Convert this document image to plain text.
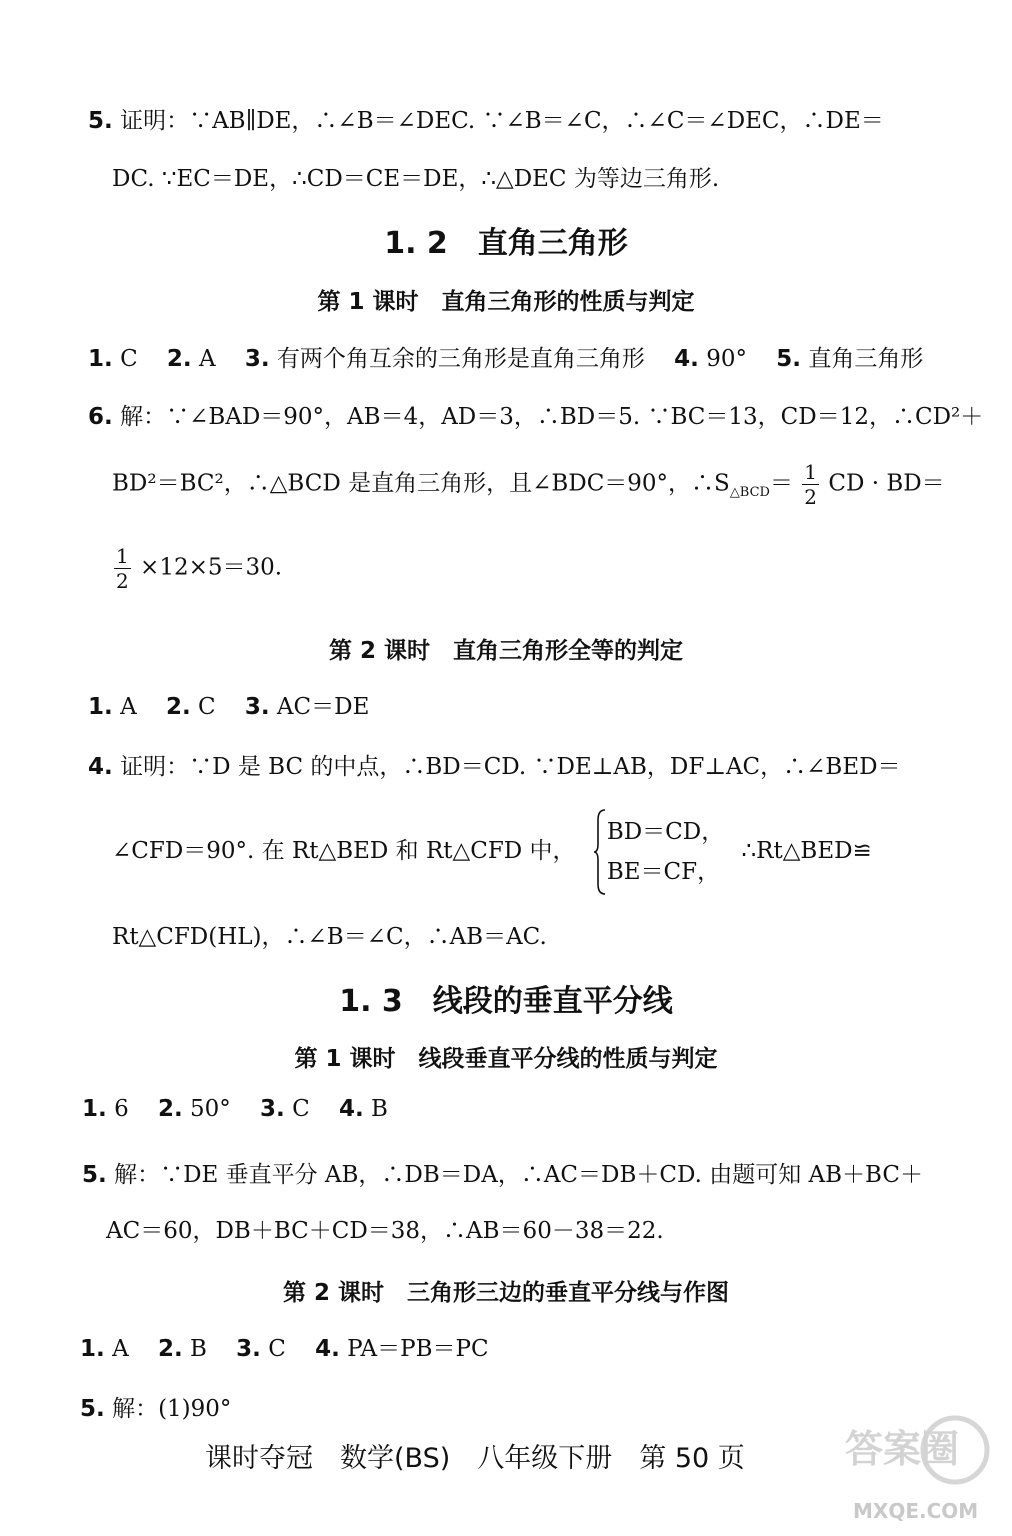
5. 证明：∵AB∥DE，∴∠B＝∠DEC. ∵∠B＝∠C，∴∠C＝∠DEC，∴DE＝
DC. ∵EC＝DE，∴CD＝CE＝DE，∴△DEC 为等边三角形.
1. 2　直角三角形
第 1 课时　直角三角形的性质与判定
1. C 2. A 3. 有两个角互余的三角形是直角三角形 4. 90° 5. 直角三角形
6. 解：∵∠BAD＝90°，AB＝4，AD＝3，∴BD＝5. ∵BC＝13，CD＝12，∴CD²＋
BD²＝BC²，∴△BCD 是直角三角形，且∠BDC＝90°，$\therefore S_{\triangle BCD}= \frac{1}{2}$ CD · BD＝
$\frac{1}{2} \times 12\times 5=30$.
第 2 课时　直角三角形全等的判定
1. A 2. C 3. AC＝DE
4. 证明：∵D 是 BC 的中点，∴BD＝CD. ∵DE⊥AB，DF⊥AC，∴∠BED＝
∠CFD＝90°. 在 Rt△BED 和 Rt△CFD 中，
BD＝CD，
BE＝CF，
∴Rt△BED≌
Rt△CFD(HL)，∴∠B＝∠C，∴AB＝AC.
1. 3　线段的垂直平分线
第 1 课时　线段垂直平分线的性质与判定
1. 6 2. 50° 3. C 4. B
5. 解：∵DE 垂直平分 AB，∴DB＝DA，∴AC＝DB＋CD. 由题可知 AB＋BC＋
AC＝60，DB＋BC＋CD＝38，∴AB＝60－38＝22.
第 2 课时　三角形三边的垂直平分线与作图
1. A 2. B 3. C 4. PA＝PB＝PC
5. 解：(1)90°
课时夺冠　数学(BS)　八年级下册　第 50 页	答案圈
MXQE.COM
